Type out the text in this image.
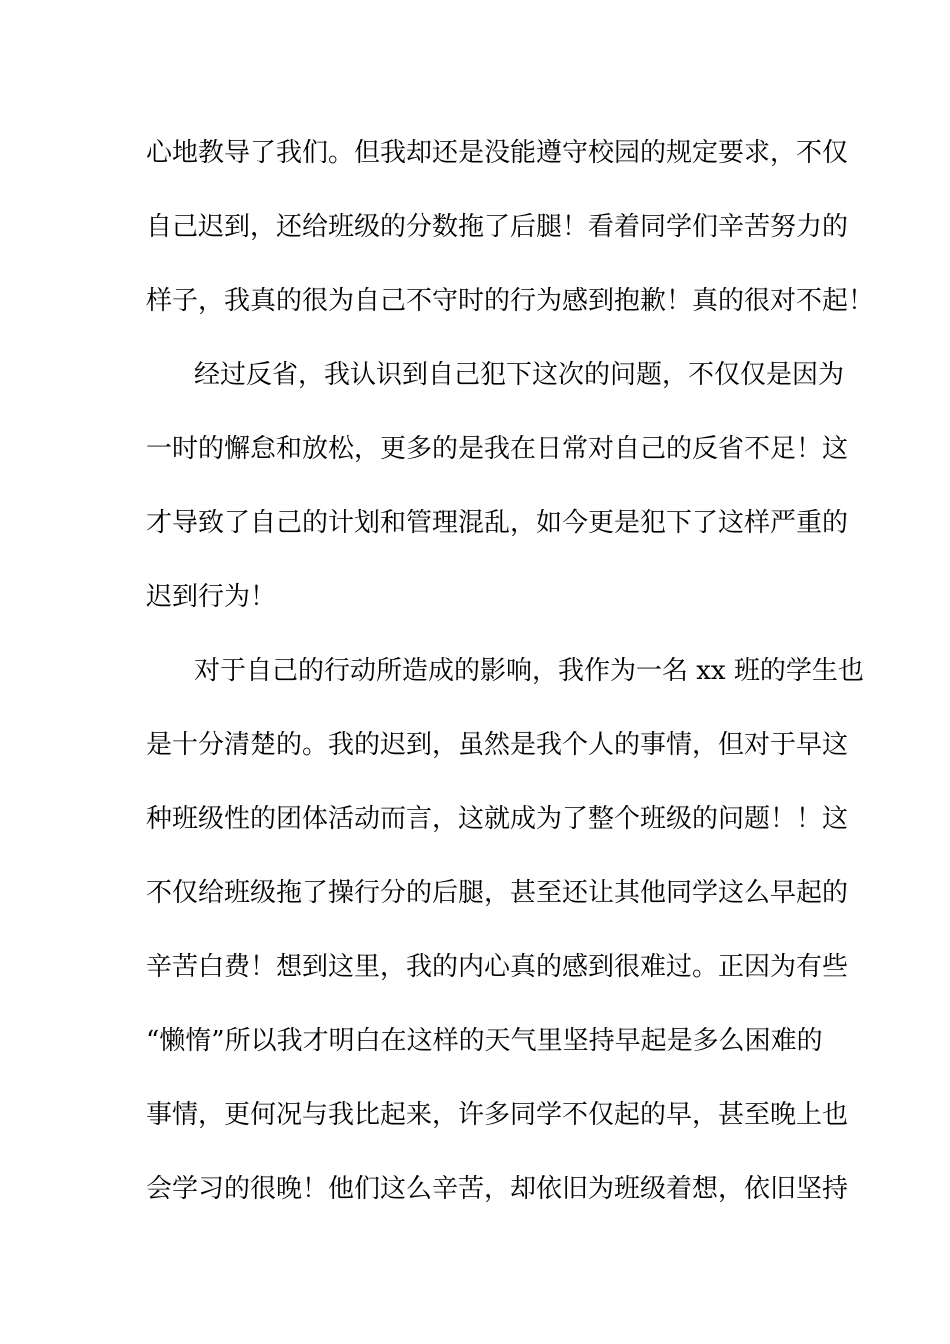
心地教导了我们。但我却还是没能遵守校园的规定要求，不仅
自己迟到，还给班级的分数拖了后腿！看着同学们辛苦努力的
样子，我真的很为自己不守时的行为感到抱歉！真的很对不起！
经过反省，我认识到自己犯下这次的问题，不仅仅是因为
一时的懈怠和放松，更多的是我在日常对自己的反省不足！这
才导致了自己的计划和管理混乱，如今更是犯下了这样严重的
迟到行为！
对于自己的行动所造成的影响，我作为一名 xx 班的学生也
是十分清楚的。我的迟到，虽然是我个人的事情，但对于早这
种班级性的团体活动而言，这就成为了整个班级的问题！！这
不仅给班级拖了操行分的后腿，甚至还让其他同学这么早起的
辛苦白费！想到这里，我的内心真的感到很难过。正因为有些
“懒惰”所以我才明白在这样的天气里坚持早起是多么困难的
事情，更何况与我比起来，许多同学不仅起的早，甚至晚上也
会学习的很晚！他们这么辛苦，却依旧为班级着想，依旧坚持
